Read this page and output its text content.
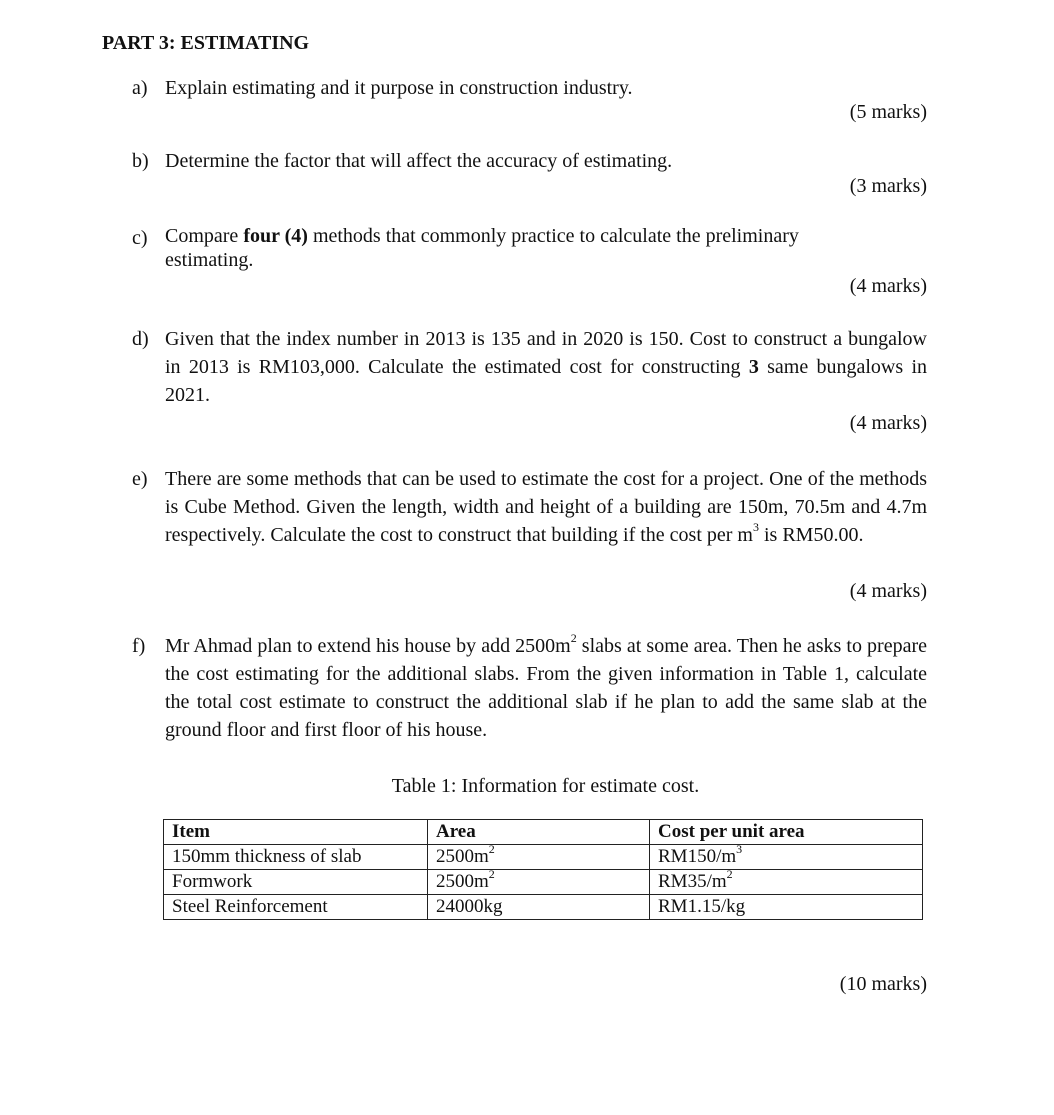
PART 3: ESTIMATING
a) Explain estimating and it purpose in construction industry.
(5 marks)
b) Determine the factor that will affect the accuracy of estimating.
(3 marks)
c) Compare four (4) methods that commonly practice to calculate the preliminary estimating.
(4 marks)
d) Given that the index number in 2013 is 135 and in 2020 is 150. Cost to construct a bungalow in 2013 is RM103,000. Calculate the estimated cost for constructing 3 same bungalows in 2021.
(4 marks)
e) There are some methods that can be used to estimate the cost for a project. One of the methods is Cube Method. Given the length, width and height of a building are 150m, 70.5m and 4.7m respectively. Calculate the cost to construct that building if the cost per $m^3$ is RM50.00.
(4 marks)
f) Mr Ahmad plan to extend his house by add $2500m^2$ slabs at some area. Then he asks to prepare the cost estimating for the additional slabs. From the given information in Table 1, calculate the total cost estimate to construct the additional slab if he plan to add the same slab at the ground floor and first floor of his house.
Table 1: Information for estimate cost.
Item	Area	Cost per unit area
150mm thickness of slab	$2500m^2$	$RM150/m^3$
Formwork	$2500m^2$	$RM35/m^2$
Steel Reinforcement	24000kg	RM1.15/kg
(10 marks)
